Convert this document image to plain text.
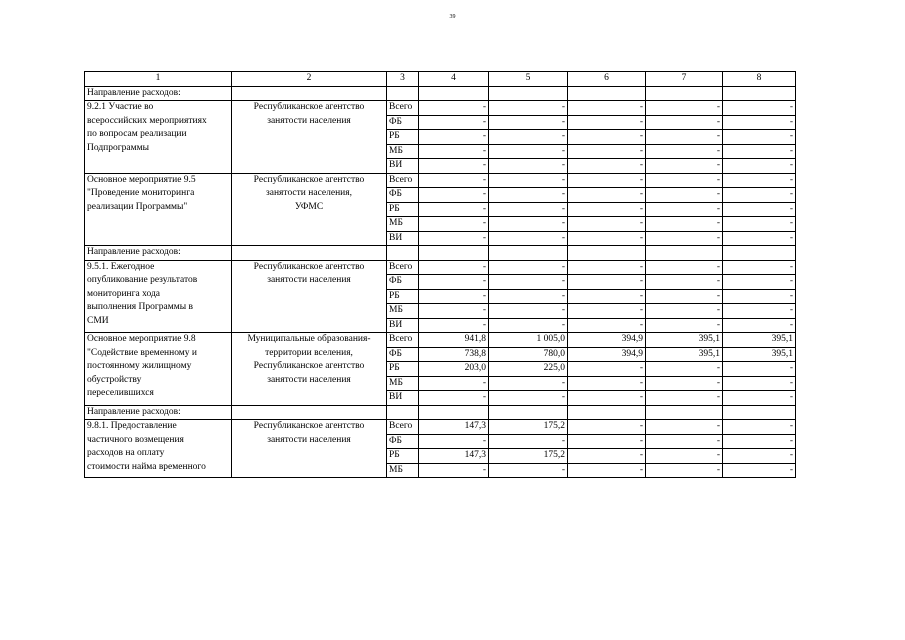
39
1	2	3	4	5	6	7	8
Направление расходов:							

9.2.1 Участие во
всероссийских мероприятиях
по вопросам реализации
Подпрограммы	Республиканское агентство
занятости населения	Всего	-	-	-	-	-
		ФБ	-	-	-	-	-
		РБ	-	-	-	-	-
		МБ	-	-	-	-	-
		ВИ	-	-	-	-	-

Основное мероприятие 9.5
"Проведение мониторинга
реализации Программы"	Республиканское агентство
занятости населения,
УФМС	Всего	-	-	-	-	-
		ФБ	-	-	-	-	-
		РБ	-	-	-	-	-
		МБ	-	-	-	-	-
		ВИ	-	-	-	-	-
Направление расходов:							

9.5.1. Ежегодное
опубликование результатов
мониторинга хода
выполнения Программы в
СМИ	Республиканское агентство
занятости населения	Всего	-	-	-	-	-
		ФБ	-	-	-	-	-
		РБ	-	-	-	-	-
		МБ	-	-	-	-	-
		ВИ	-	-	-	-	-

Основное мероприятие 9.8
"Содействие временному и
постоянному жилищному
обустройству
переселившихся	Муниципальные образования-
территории вселения,
Республиканское агентство
занятости населения	Всего	941,8	1 005,0	394,9	395,1	395,1
		ФБ	738,8	780,0	394,9	395,1	395,1
		РБ	203,0	225,0	-	-	-
		МБ	-	-	-	-	-
		ВИ	-	-	-	-	-
Направление расходов:							

9.8.1. Предоставление
частичного возмещения
расходов на оплату
стоимости найма временного	Республиканское агентство
занятости населения	Всего	147,3	175,2	-	-	-
		ФБ	-	-	-	-	-
		РБ	147,3	175,2	-	-	-
		МБ	-	-	-	-	-
